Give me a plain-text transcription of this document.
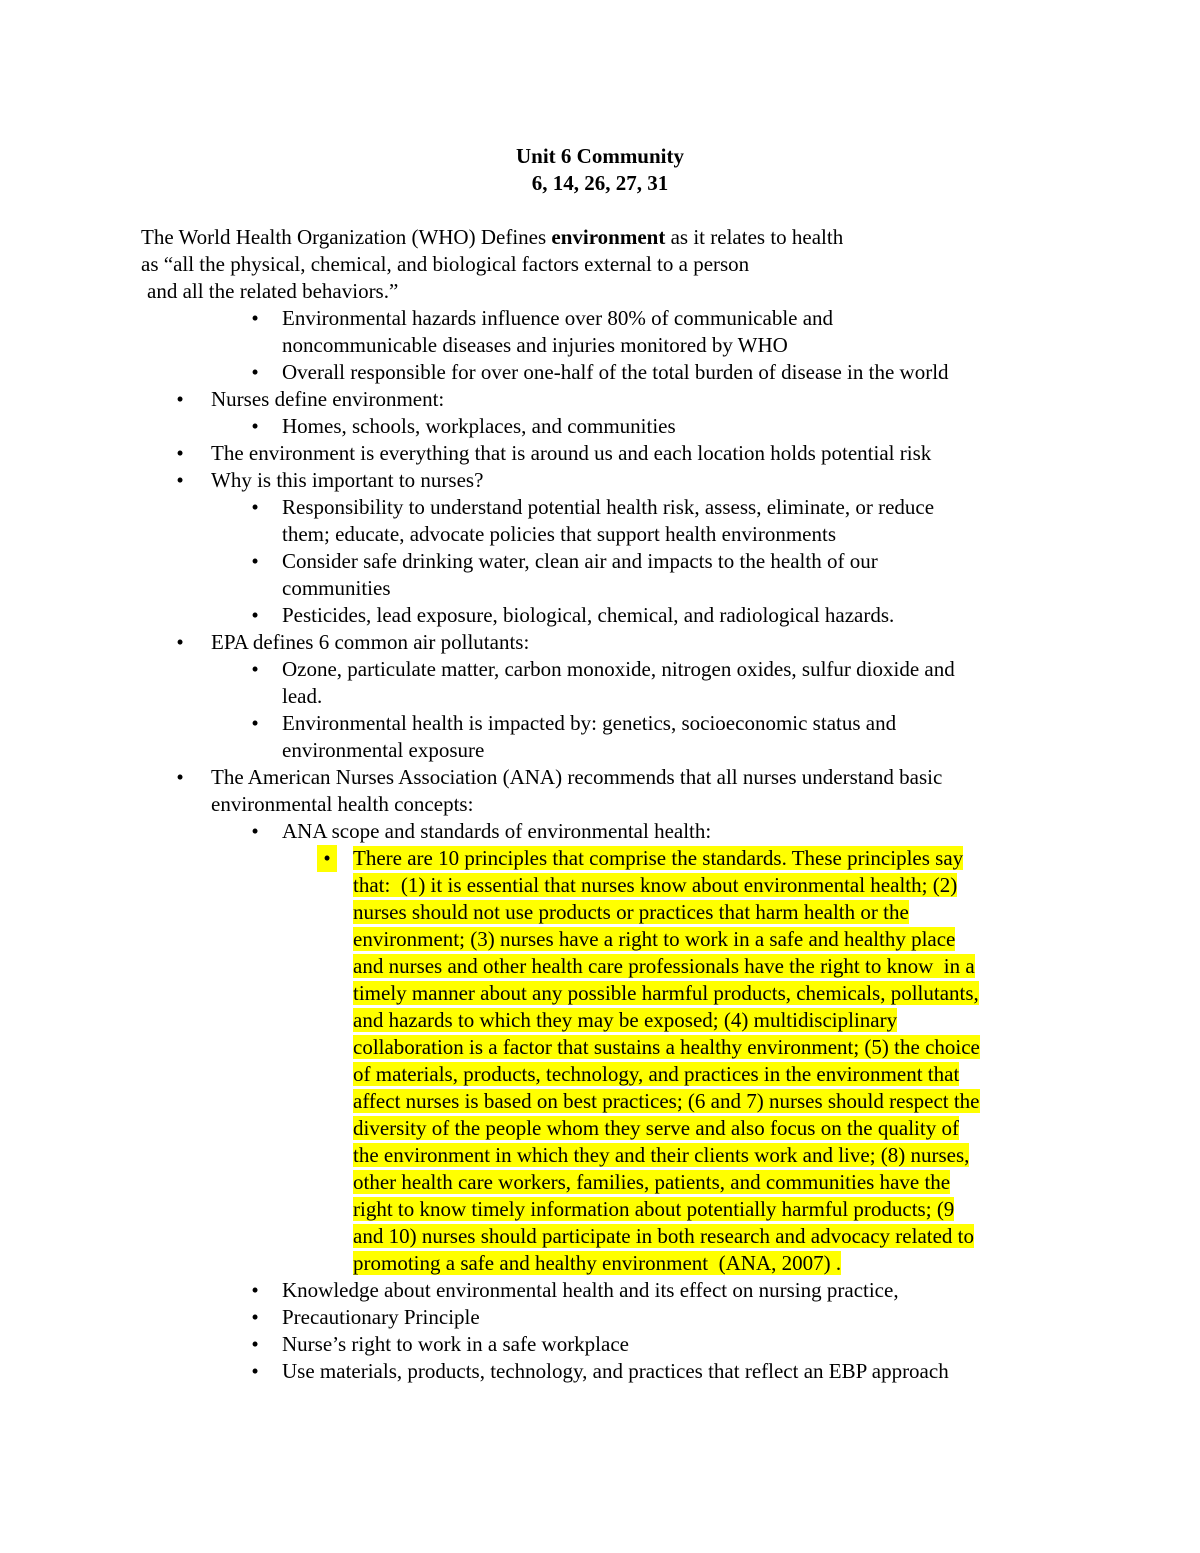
Unit 6 Community
6, 14, 26, 27, 31
The World Health Organization (WHO) Defines environment as it relates to health
as “all the physical, chemical, and biological factors external to a person
and all the related behaviors.”
•	Environmental hazards influence over 80% of communicable and
noncommunicable diseases and injuries monitored by WHO
•	Overall responsible for over one-half of the total burden of disease in the world
•	Nurses define environment:
•	Homes, schools, workplaces, and communities
•	The environment is everything that is around us and each location holds potential risk
•	Why is this important to nurses?
•	Responsibility to understand potential health risk, assess, eliminate, or reduce
them; educate, advocate policies that support health environments
•	Consider safe drinking water, clean air and impacts to the health of our
communities
•	Pesticides, lead exposure, biological, chemical, and radiological hazards.
•	EPA defines 6 common air pollutants:
•	Ozone, particulate matter, carbon monoxide, nitrogen oxides, sulfur dioxide and
lead.
•	Environmental health is impacted by: genetics, socioeconomic status and
environmental exposure
•	The American Nurses Association (ANA) recommends that all nurses understand basic
environmental health concepts:
•	ANA scope and standards of environmental health:
•	There are 10 principles that comprise the standards. These principles say
that:  (1) it is essential that nurses know about environmental health; (2)
nurses should not use products or practices that harm health or the
environment; (3) nurses have a right to work in a safe and healthy place
and nurses and other health care professionals have the right to know  in a
timely manner about any possible harmful products, chemicals, pollutants,
and hazards to which they may be exposed; (4) multidisciplinary
collaboration is a factor that sustains a healthy environment; (5) the choice
of materials, products, technology, and practices in the environment that
affect nurses is based on best practices; (6 and 7) nurses should respect the
diversity of the people whom they serve and also focus on the quality of
the environment in which they and their clients work and live; (8) nurses,
other health care workers, families, patients, and communities have the
right to know timely information about potentially harmful products; (9
and 10) nurses should participate in both research and advocacy related to
promoting a safe and healthy environment  (ANA, 2007) .
•	Knowledge about environmental health and its effect on nursing practice,
•	Precautionary Principle
•	Nurse’s right to work in a safe workplace
•	Use materials, products, technology, and practices that reflect an EBP approach
